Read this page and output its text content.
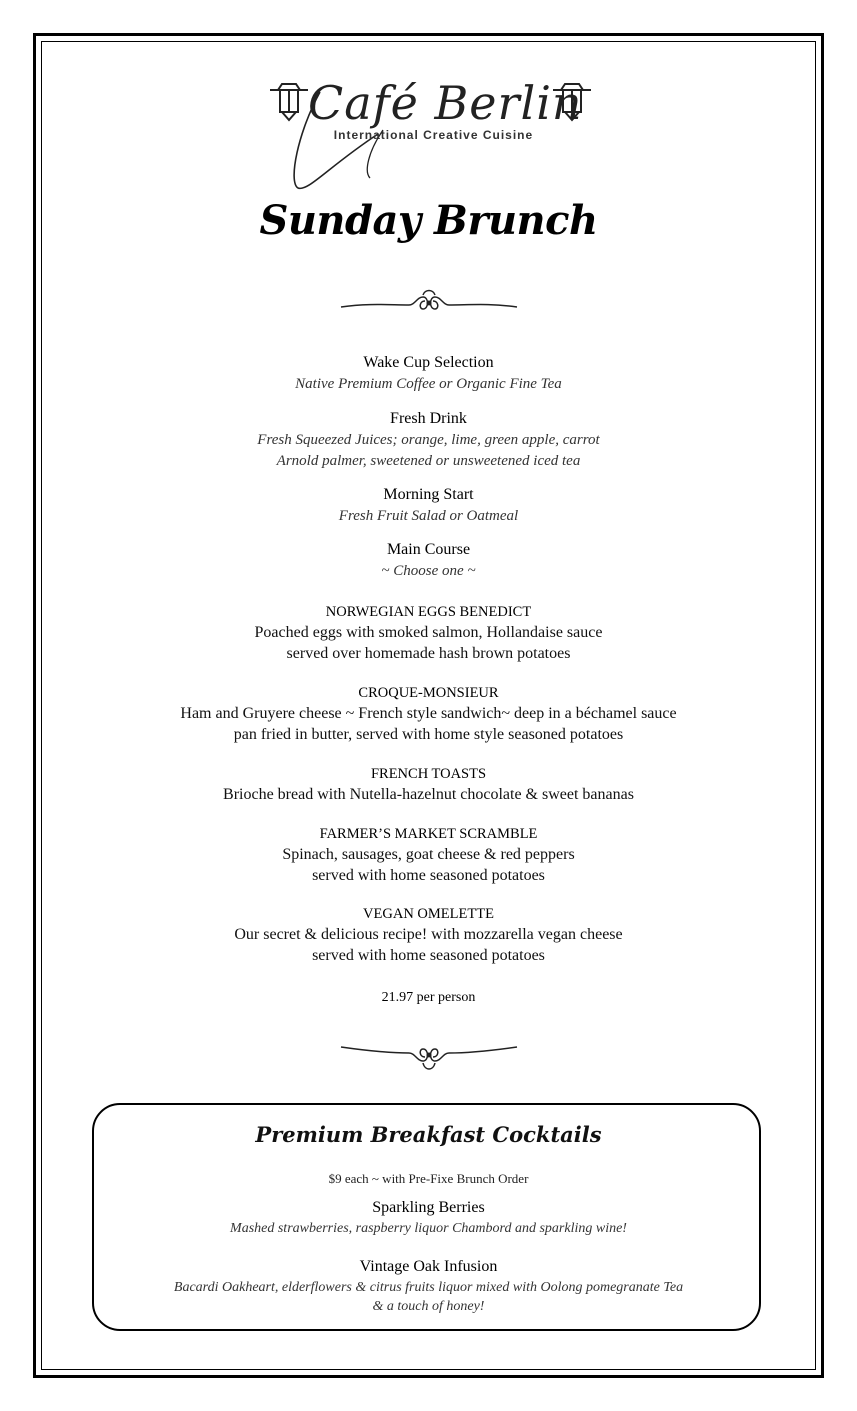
Café Berlin
International Creative Cuisine
Sunday Brunch
Wake Cup Selection
Native Premium Coffee or Organic Fine Tea
Fresh Drink
Fresh Squeezed Juices; orange, lime, green apple, carrot
Arnold palmer, sweetened or unsweetened iced tea
Morning Start
Fresh Fruit Salad or Oatmeal
Main Course
~ Choose one ~
NORWEGIAN EGGS BENEDICT
Poached eggs with smoked salmon, Hollandaise sauce
served over homemade hash brown potatoes
CROQUE-MONSIEUR
Ham and Gruyere cheese ~ French style sandwich~ deep in a béchamel sauce
pan fried in butter, served with home style seasoned potatoes
FRENCH TOASTS
Brioche bread with Nutella-hazelnut chocolate & sweet bananas
FARMER’S MARKET SCRAMBLE
Spinach, sausages, goat cheese & red peppers
served with home seasoned potatoes
VEGAN OMELETTE
Our secret & delicious recipe! with mozzarella vegan cheese
served with home seasoned potatoes
21.97 per person
Premium Breakfast Cocktails
$9 each ~ with Pre-Fixe Brunch Order
Sparkling Berries
Mashed strawberries, raspberry liquor Chambord and sparkling wine!
Vintage Oak Infusion
Bacardi Oakheart, elderflowers & citrus fruits liquor mixed with Oolong pomegranate Tea
& a touch of honey!
